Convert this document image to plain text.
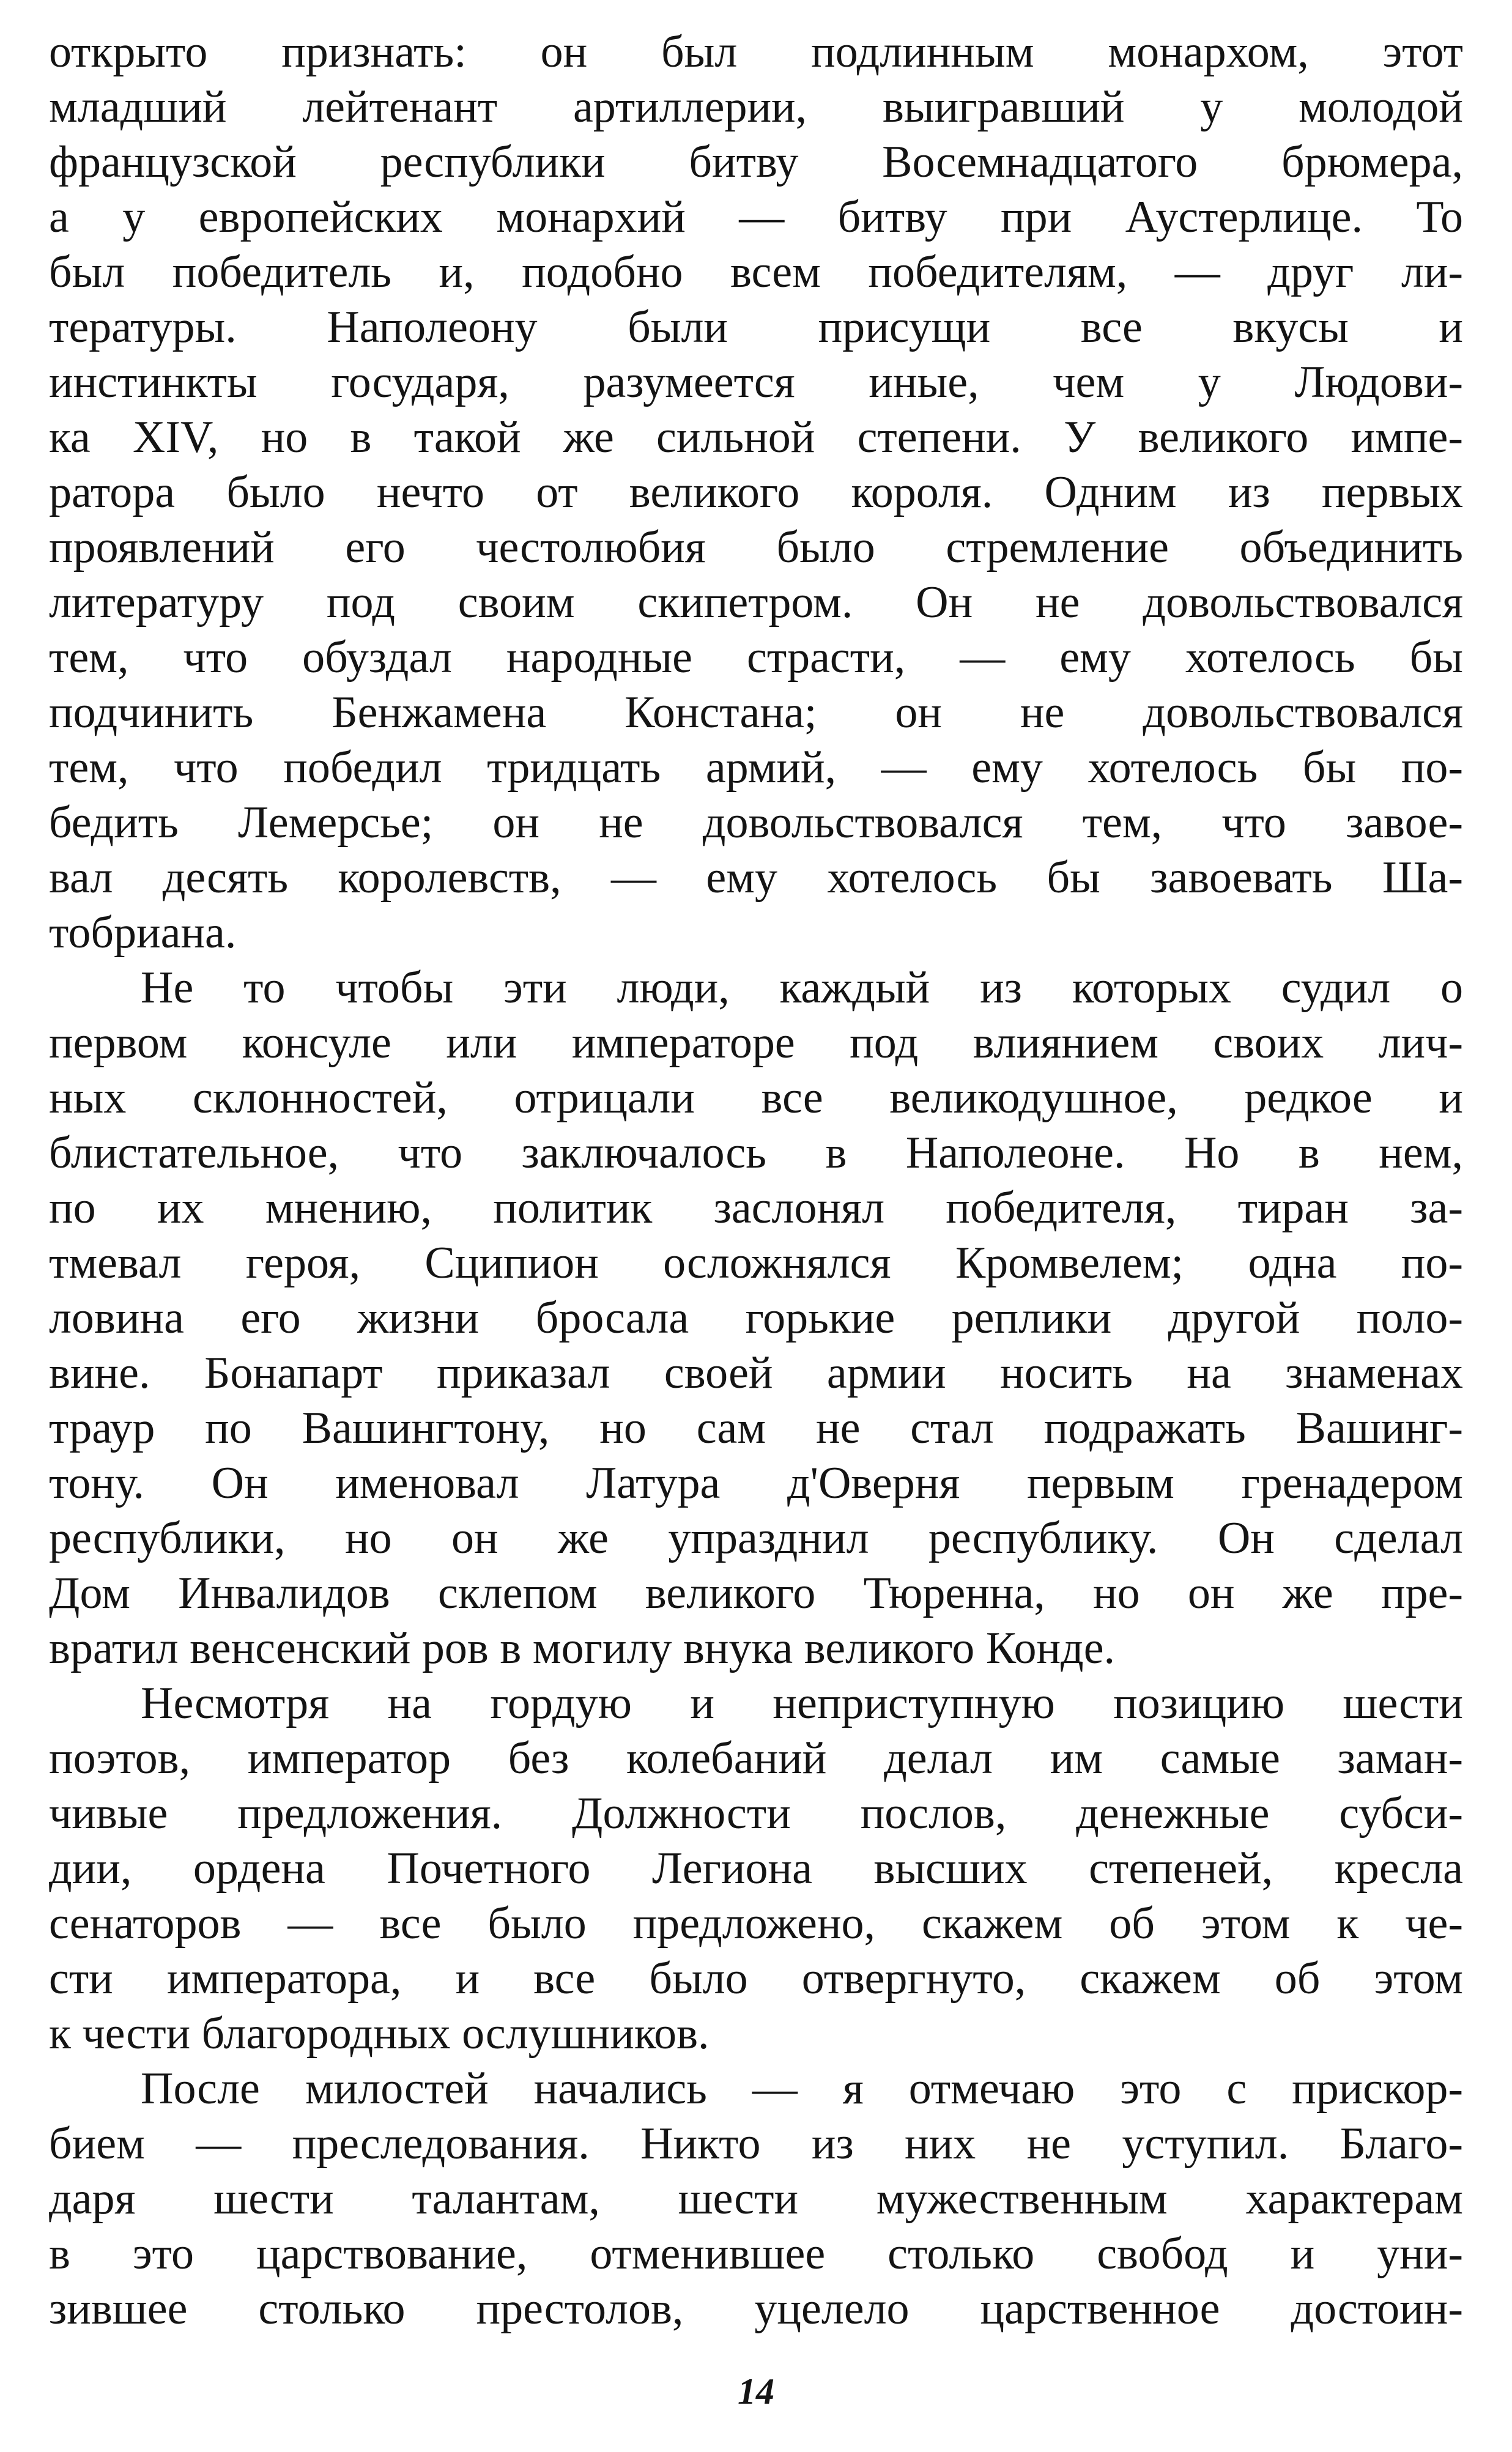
открыто признать: он был подлинным монархом, этот
младший лейтенант артиллерии, выигравший у молодой
французской республики битву Восемнадцатого брюмера,
а у европейских монархий — битву при Аустерлице. То
был победитель и, подобно всем победителям, — друг ли-
тературы. Наполеону были присущи все вкусы и
инстинкты государя, разумеется иные, чем у Людови-
ка XIV, но в такой же сильной степени. У великого импе-
ратора было нечто от великого короля. Одним из первых
проявлений его честолюбия было стремление объединить
литературу под своим скипетром. Он не довольствовался
тем, что обуздал народные страсти, — ему хотелось бы
подчинить Бенжамена Констана; он не довольствовался
тем, что победил тридцать армий, — ему хотелось бы по-
бедить Лемерсье; он не довольствовался тем, что завое-
вал десять королевств, — ему хотелось бы завоевать Ша-
тобриана.
Не то чтобы эти люди, каждый из которых судил о
первом консуле или императоре под влиянием своих лич-
ных склонностей, отрицали все великодушное, редкое и
блистательное, что заключалось в Наполеоне. Но в нем,
по их мнению, политик заслонял победителя, тиран за-
тмевал героя, Сципион осложнялся Кромвелем; одна по-
ловина его жизни бросала горькие реплики другой поло-
вине. Бонапарт приказал своей армии носить на знаменах
траур по Вашингтону, но сам не стал подражать Вашинг-
тону. Он именовал Латура д'Оверня первым гренадером
республики, но он же упразднил республику. Он сделал
Дом Инвалидов склепом великого Тюренна, но он же пре-
вратил венсенский ров в могилу внука великого Конде.
Несмотря на гордую и неприступную позицию шести
поэтов, император без колебаний делал им самые заман-
чивые предложения. Должности послов, денежные субси-
дии, ордена Почетного Легиона высших степеней, кресла
сенаторов — все было предложено, скажем об этом к че-
сти императора, и все было отвергнуто, скажем об этом
к чести благородных ослушников.
После милостей начались — я отмечаю это с прискор-
бием — преследования. Никто из них не уступил. Благо-
даря шести талантам, шести мужественным характерам
в это царствование, отменившее столько свобод и уни-
зившее столько престолов, уцелело царственное достоин-
14
